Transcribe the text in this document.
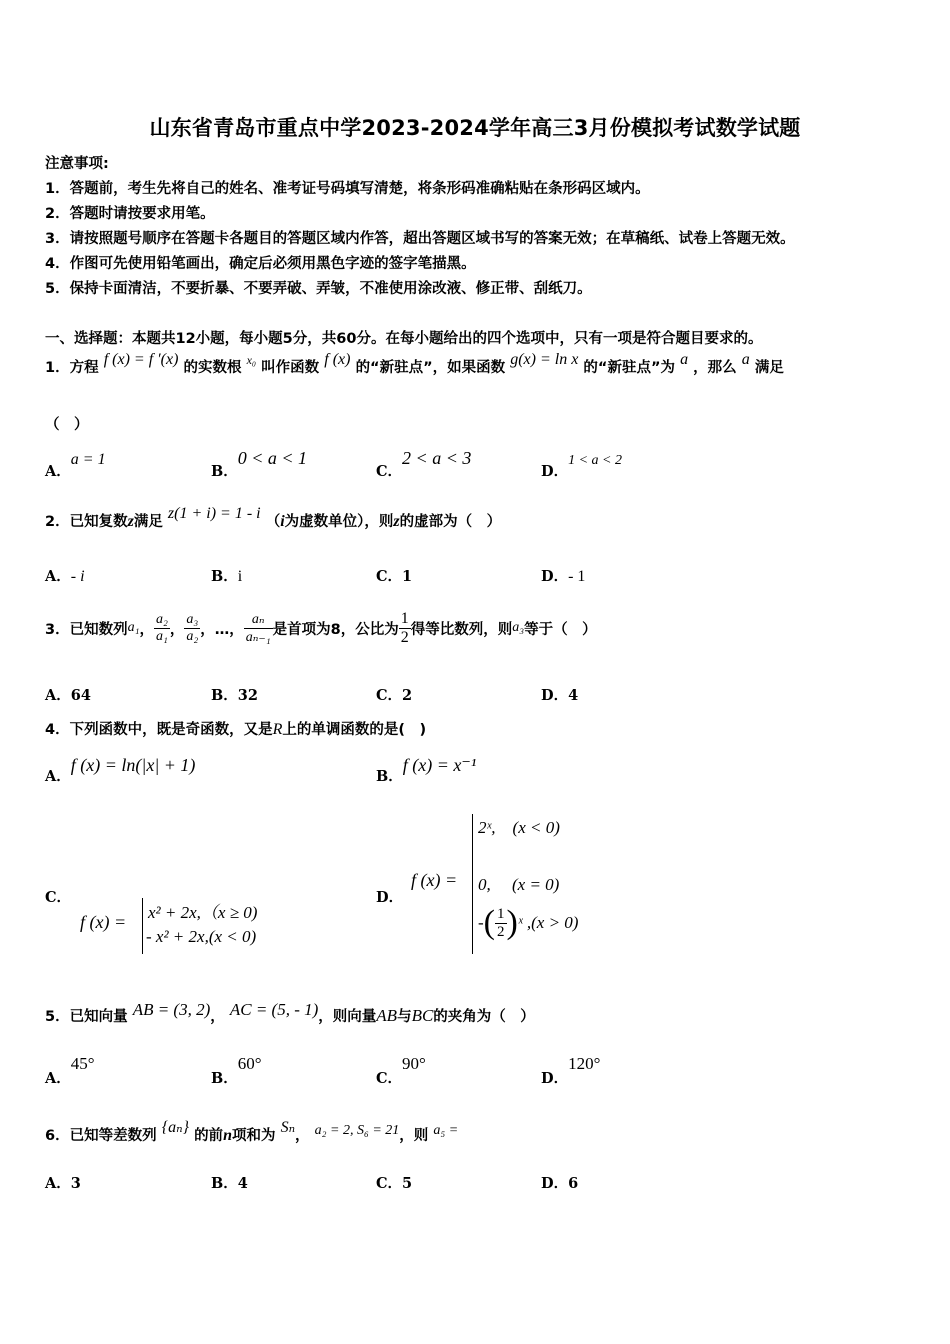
山东省青岛市重点中学2023-2024学年高三3月份模拟考试数学试题
注意事项:
1．答题前，考生先将自己的姓名、准考证号码填写清楚，将条形码准确粘贴在条形码区域内。
2．答题时请按要求用笔。
3．请按照题号顺序在答题卡各题目的答题区域内作答，超出答题区域书写的答案无效；在草稿纸、试卷上答题无效。
4．作图可先使用铅笔画出，确定后必须用黑色字迹的签字笔描黑。
5．保持卡面清洁，不要折暴、不要弄破、弄皱，不准使用涂改液、修正带、刮纸刀。
一、选择题：本题共12小题，每小题5分，共60分。在每小题给出的四个选项中，只有一项是符合题目要求的。
1．方程 f (x) = f ′(x) 的实数根 $^{x_0}$ 叫作函数 f (x) 的“新驻点”，如果函数 g(x) = ln x 的“新驻点”为 a ，那么 a 满足
（　）
A．a = 1
B．0 < a < 1
C．2 < a < 3
D．1 < a < 2
2．已知复数z满足 z(1 + i) = 1 - i （i为虚数单位），则z的虚部为（　）
A．- i	B．i	C．1	D．- 1
3．已知数列 a₁ ， $\frac{\text{a₂}}{\text{a₁}}$ ， $\frac{\text{a₃}}{\text{a₂}}$ ， …， $\frac{\text{aₙ}}{\text{aₙ₋₁}}$ 是首项为8，公比为 $\frac{1}{2}$ 得等比数列，则 a₃ 等于（　）
A．64	B．32	C．2	D．4
4．下列函数中，既是奇函数，又是R上的单调函数的是(　)
A．f (x) = ln(|x| + 1)
B．f (x) = x⁻¹
C．
f (x) = x² + 2x,（x ≥ 0)
- x² + 2x,(x < 0)
D．
f (x) =
2ˣ,　(x < 0)
0,　 (x = 0)
- ( $\frac{1}{2}$ ) ˣ ,(x > 0)
5．已知向量 AB = (3, 2)， AC = (5, - 1)，则向量AB与BC的夹角为（　）
A．45°
B．60°
C．90°
D．120°
6．已知等差数列 {aₙ} 的前n项和为 Sₙ， a₂ = 2, S₆ = 21，则 a₅ =
A．3	B．4	C．5	D．6
